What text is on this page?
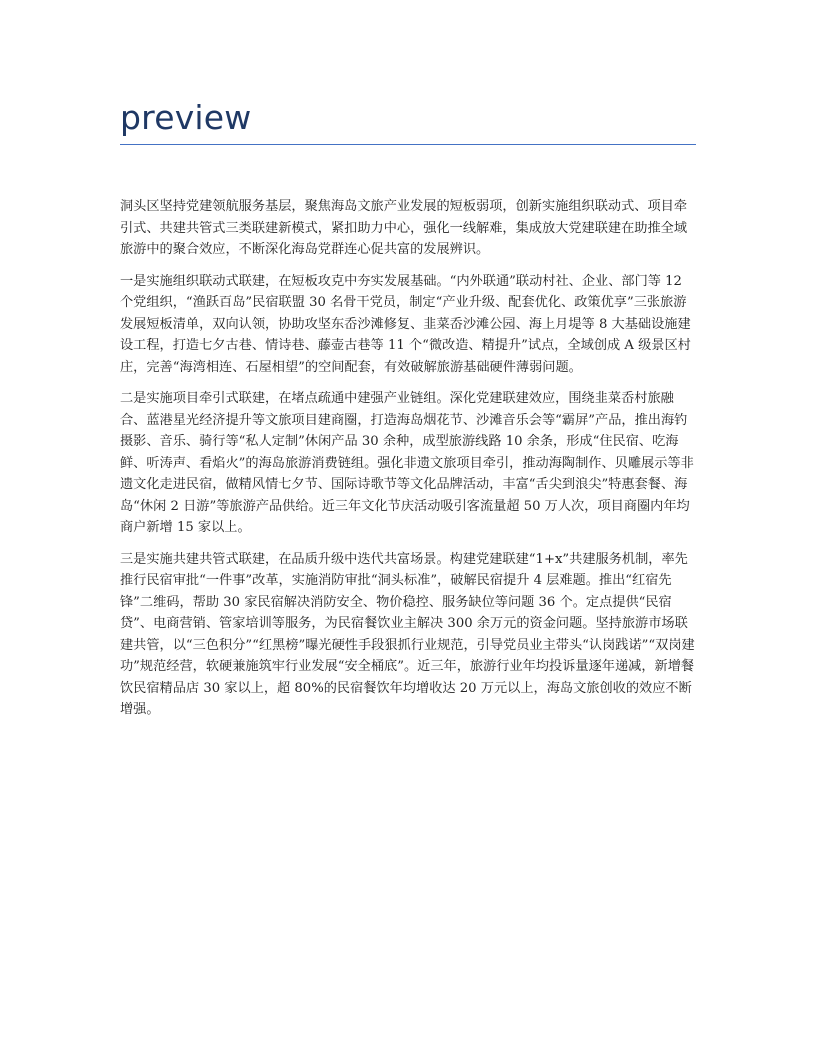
preview

洞头区坚持党建领航服务基层，聚焦海岛文旅产业发展的短板弱项，创新实施组织联动式、项目牵引式、共建共管式三类联建新模式，紧扣助力中心，强化一线解难，集成放大党建联建在助推全域旅游中的聚合效应，不断深化海岛党群连心促共富的发展辨识。

一是实施组织联动式联建，在短板攻克中夯实发展基础。“内外联通”联动村社、企业、部门等 12 个党组织，“渔跃百岛”民宿联盟 30 名骨干党员，制定“产业升级、配套优化、政策优享”三张旅游发展短板清单，双向认领，协助攻坚东岙沙滩修复、韭菜岙沙滩公园、海上月堤等 8 大基础设施建设工程，打造七夕古巷、情诗巷、藤壶古巷等 11 个“微改造、精提升”试点，全域创成 A 级景区村庄，完善“海湾相连、石屋相望”的空间配套，有效破解旅游基础硬件薄弱问题。

二是实施项目牵引式联建，在堵点疏通中建强产业链组。深化党建联建效应，围绕韭菜岙村旅融合、蓝港星光经济提升等文旅项目建商圈，打造海岛烟花节、沙滩音乐会等“霸屏”产品，推出海钓摄影、音乐、骑行等“私人定制”休闲产品 30 余种，成型旅游线路 10 余条，形成“住民宿、吃海鲜、听涛声、看焰火”的海岛旅游消费链组。强化非遗文旅项目牵引，推动海陶制作、贝雕展示等非遗文化走进民宿，做精风情七夕节、国际诗歌节等文化品牌活动，丰富“舌尖到浪尖”特惠套餐、海岛“休闲 2 日游”等旅游产品供给。近三年文化节庆活动吸引客流量超 50 万人次，项目商圈内年均商户新增 15 家以上。

三是实施共建共管式联建，在品质升级中迭代共富场景。构建党建联建“1+x”共建服务机制，率先推行民宿审批“一件事”改革，实施消防审批“洞头标准”，破解民宿提升 4 层难题。推出“红宿先锋”二维码，帮助 30 家民宿解决消防安全、物价稳控、服务缺位等问题 36 个。定点提供“民宿贷”、电商营销、管家培训等服务，为民宿餐饮业主解决 300 余万元的资金问题。坚持旅游市场联建共管，以“三色积分”“红黑榜”曝光硬性手段狠抓行业规范，引导党员业主带头“认岗践诺”“双岗建功”规范经营，软硬兼施筑牢行业发展“安全桶底”。近三年，旅游行业年均投诉量逐年递减，新增餐饮民宿精品店 30 家以上，超 80%的民宿餐饮年均增收达 20 万元以上，海岛文旅创收的效应不断增强。
